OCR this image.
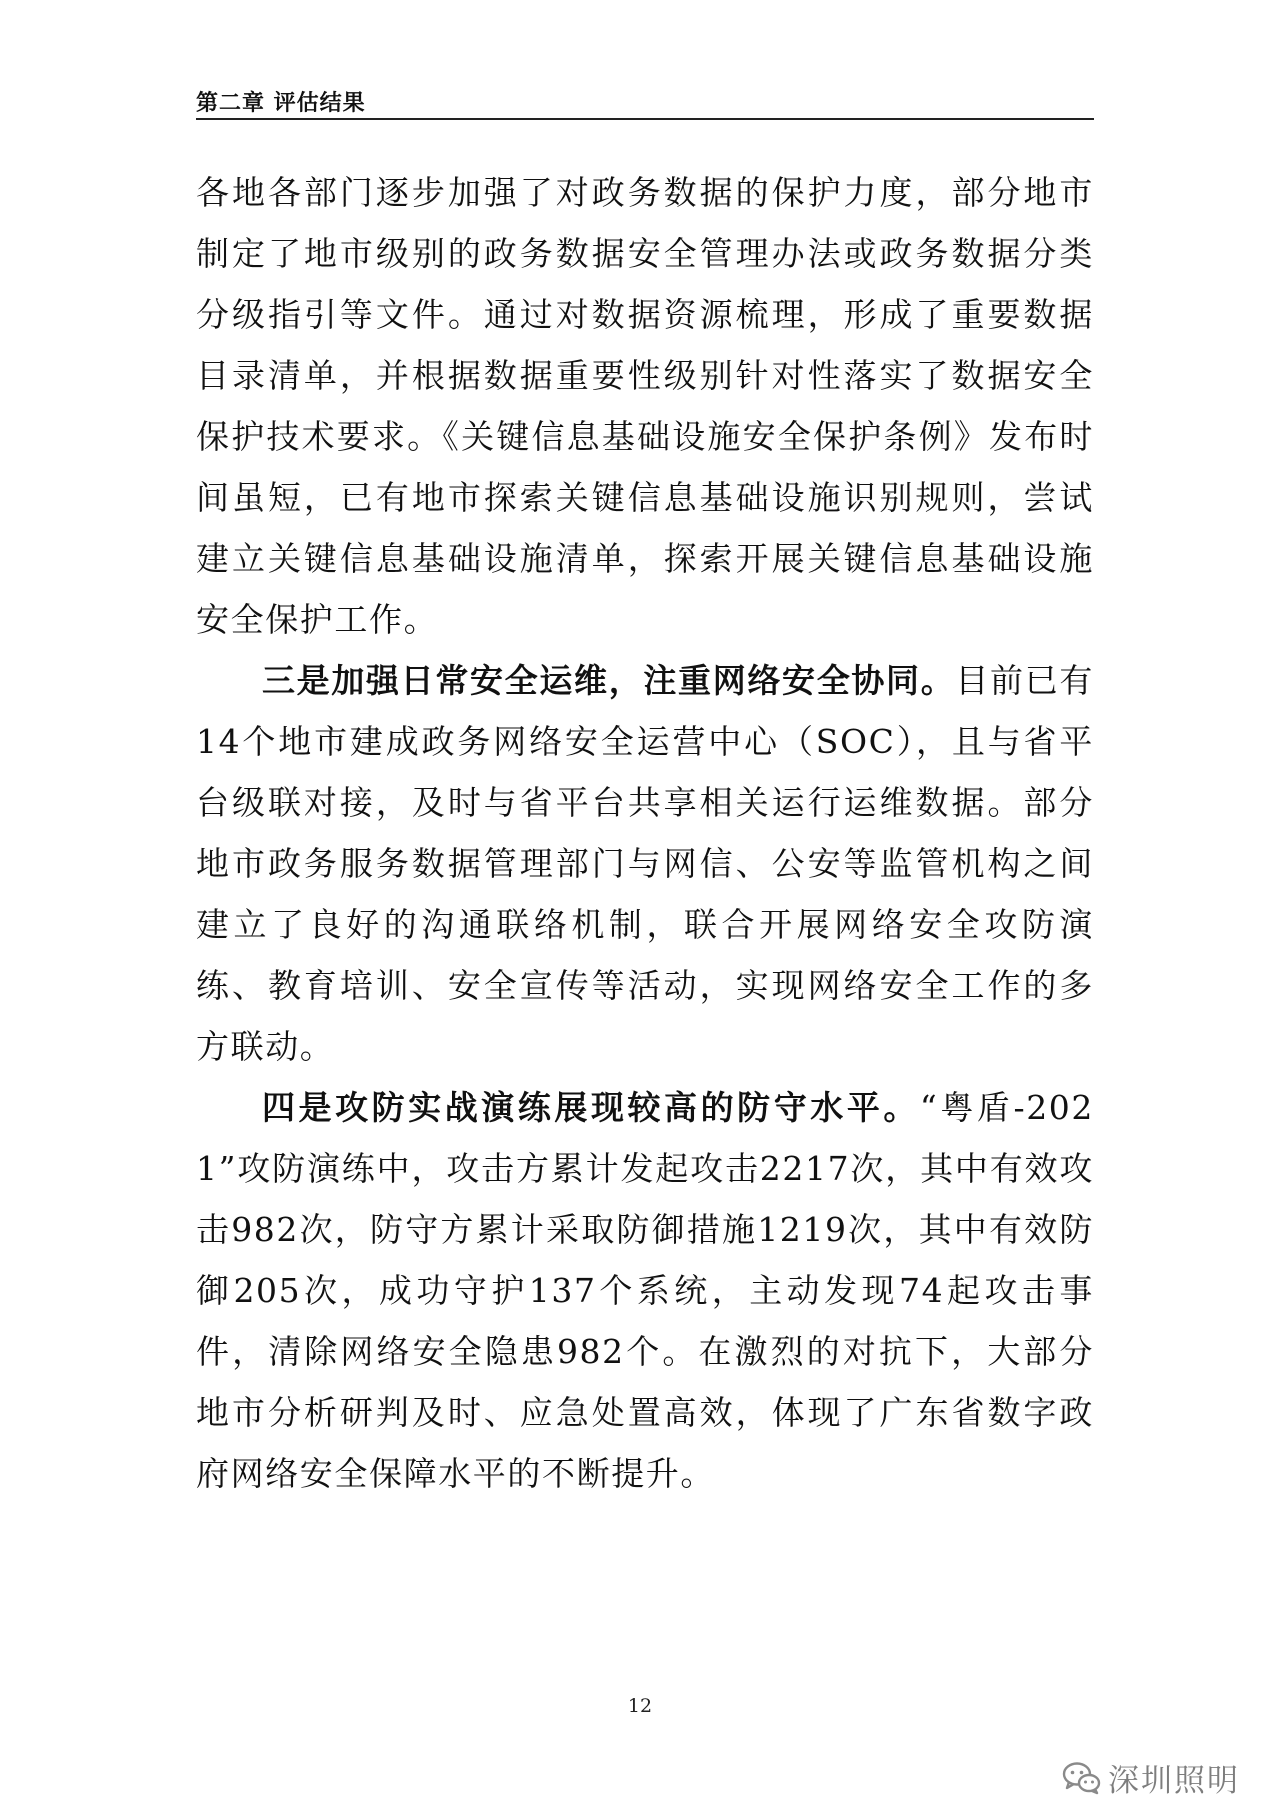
第二章 评估结果

各地各部门逐步加强了对政务数据的保护力度，部分地市制定了地市级别的政务数据安全管理办法或政务数据分类分级指引等文件。通过对数据资源梳理，形成了重要数据目录清单，并根据数据重要性级别针对性落实了数据安全保护技术要求。《关键信息基础设施安全保护条例》发布时间虽短，已有地市探索关键信息基础设施识别规则，尝试建立关键信息基础设施清单，探索开展关键信息基础设施安全保护工作。

三是加强日常安全运维，注重网络安全协同。目前已有14个地市建成政务网络安全运营中心（SOC），且与省平台级联对接，及时与省平台共享相关运行运维数据。部分地市政务服务数据管理部门与网信、公安等监管机构之间建立了良好的沟通联络机制，联合开展网络安全攻防演练、教育培训、安全宣传等活动，实现网络安全工作的多方联动。

四是攻防实战演练展现较高的防守水平。“粤盾-2021”攻防演练中，攻击方累计发起攻击2217次，其中有效攻击982次，防守方累计采取防御措施1219次，其中有效防御205次，成功守护137个系统，主动发现74起攻击事件，清除网络安全隐患982个。在激烈的对抗下，大部分地市分析研判及时、应急处置高效，体现了广东省数字政府网络安全保障水平的不断提升。

12
深圳照明
